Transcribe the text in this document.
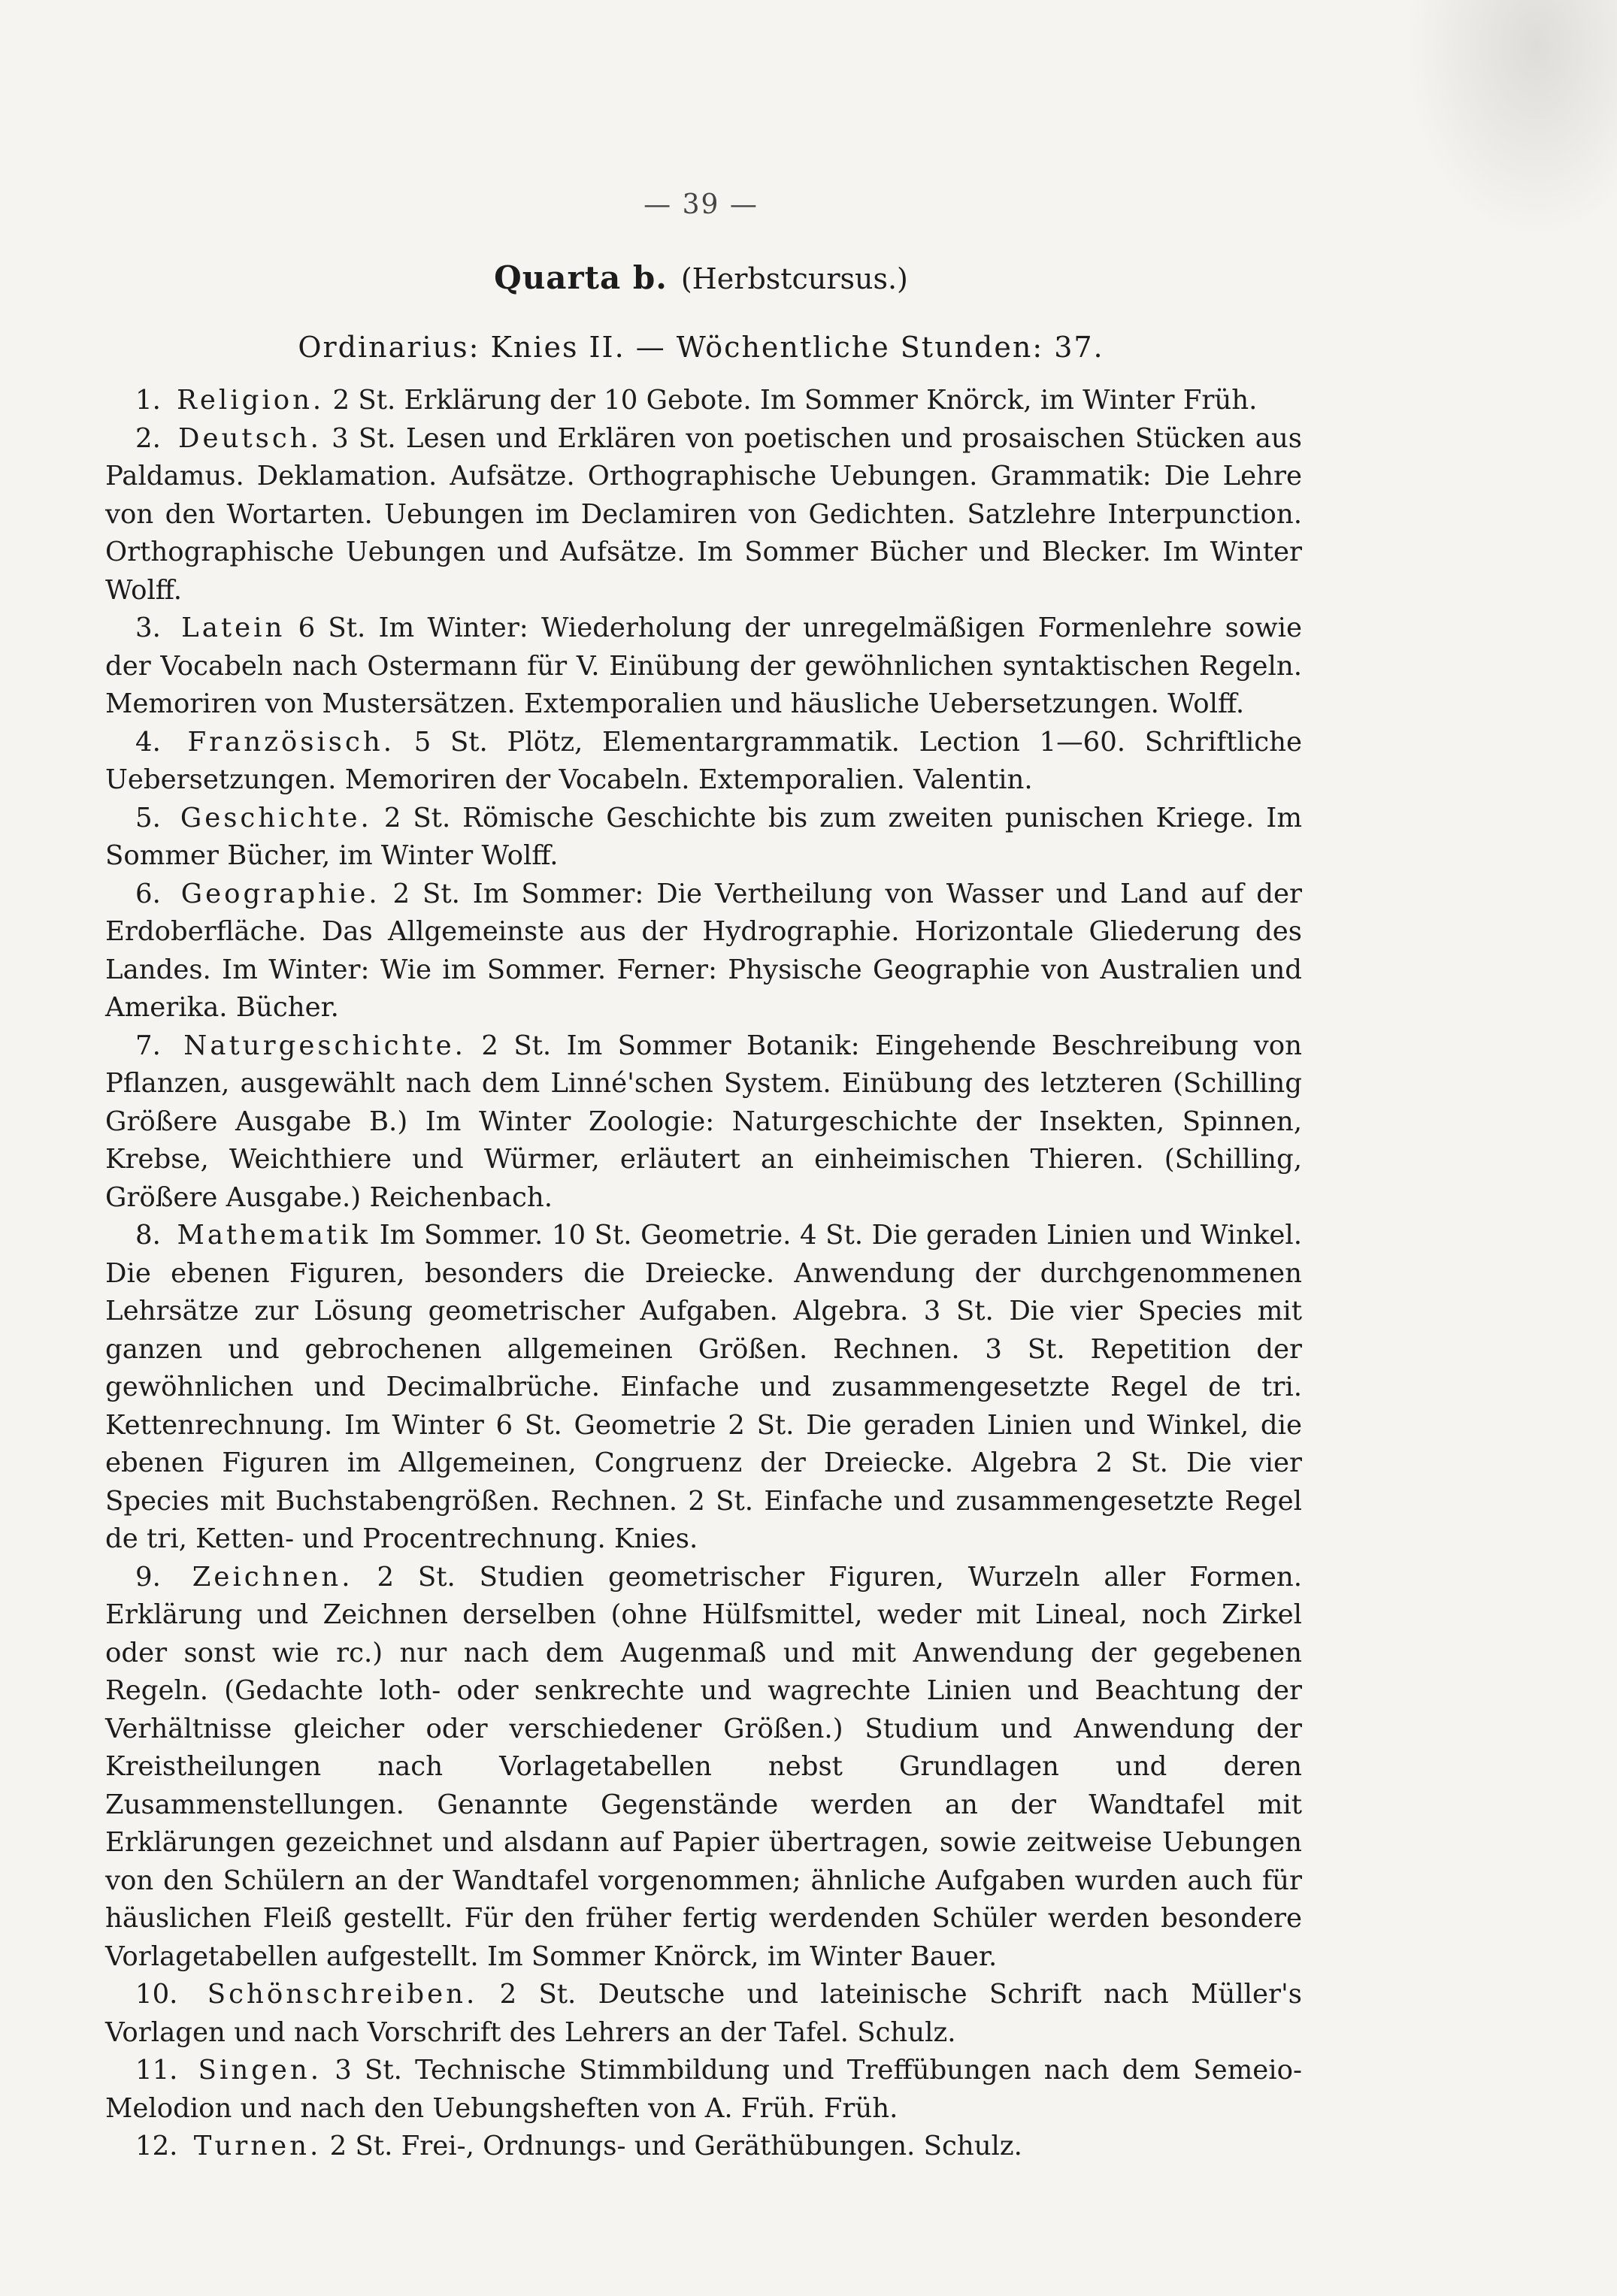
— 39 —
Quarta b. (Herbstcursus.)
Ordinarius: Knies II. — Wöchentliche Stunden: 37.

1. Religion. 2 St. Erklärung der 10 Gebote. Im Sommer Knörck, im Winter Früh.

2. Deutsch. 3 St. Lesen und Erklären von poetischen und prosaischen Stücken aus Paldamus. Deklamation. Aufsätze. Orthographische Uebungen. Grammatik: Die Lehre von den Wortarten. Uebungen im Declamiren von Gedichten. Satzlehre Interpunction. Orthographische Uebungen und Aufsätze. Im Sommer Bücher und Blecker. Im Winter Wolff.

3. Latein 6 St. Im Winter: Wiederholung der unregelmäßigen Formenlehre sowie der Vocabeln nach Ostermann für V. Einübung der gewöhnlichen syntaktischen Regeln. Memoriren von Mustersätzen. Extemporalien und häusliche Uebersetzungen. Wolff.

4. Französisch. 5 St. Plötz, Elementargrammatik. Lection 1—60. Schriftliche Uebersetzungen. Memoriren der Vocabeln. Extemporalien. Valentin.

5. Geschichte. 2 St. Römische Geschichte bis zum zweiten punischen Kriege. Im Sommer Bücher, im Winter Wolff.

6. Geographie. 2 St. Im Sommer: Die Vertheilung von Wasser und Land auf der Erdoberfläche. Das Allgemeinste aus der Hydrographie. Horizontale Gliederung des Landes. Im Winter: Wie im Sommer. Ferner: Physische Geographie von Australien und Amerika. Bücher.

7. Naturgeschichte. 2 St. Im Sommer Botanik: Eingehende Beschreibung von Pflanzen, ausgewählt nach dem Linné'schen System. Einübung des letzteren (Schilling Größere Ausgabe B.) Im Winter Zoologie: Naturgeschichte der Insekten, Spinnen, Krebse, Weichthiere und Würmer, erläutert an einheimischen Thieren. (Schilling, Größere Ausgabe.) Reichenbach.

8. Mathematik Im Sommer. 10 St. Geometrie. 4 St. Die geraden Linien und Winkel. Die ebenen Figuren, besonders die Dreiecke. Anwendung der durchgenommenen Lehrsätze zur Lösung geometrischer Aufgaben. Algebra. 3 St. Die vier Species mit ganzen und gebrochenen allgemeinen Größen. Rechnen. 3 St. Repetition der gewöhnlichen und Decimalbrüche. Einfache und zusammengesetzte Regel de tri. Kettenrechnung. Im Winter 6 St. Geometrie 2 St. Die geraden Linien und Winkel, die ebenen Figuren im Allgemeinen, Congruenz der Dreiecke. Algebra 2 St. Die vier Species mit Buchstabengrößen. Rechnen. 2 St. Einfache und zusammengesetzte Regel de tri, Ketten- und Procentrechnung. Knies.

9. Zeichnen. 2 St. Studien geometrischer Figuren, Wurzeln aller Formen. Erklärung und Zeichnen derselben (ohne Hülfsmittel, weder mit Lineal, noch Zirkel oder sonst wie rc.) nur nach dem Augenmaß und mit Anwendung der gegebenen Regeln. (Gedachte loth- oder senkrechte und wagrechte Linien und Beachtung der Verhältnisse gleicher oder verschiedener Größen.) Studium und Anwendung der Kreistheilungen nach Vorlagetabellen nebst Grundlagen und deren Zusammenstellungen. Genannte Gegenstände werden an der Wandtafel mit Erklärungen gezeichnet und alsdann auf Papier übertragen, sowie zeitweise Uebungen von den Schülern an der Wandtafel vorgenommen; ähnliche Aufgaben wurden auch für häuslichen Fleiß gestellt. Für den früher fertig werdenden Schüler werden besondere Vorlagetabellen aufgestellt. Im Sommer Knörck, im Winter Bauer.

10. Schönschreiben. 2 St. Deutsche und lateinische Schrift nach Müller's Vorlagen und nach Vorschrift des Lehrers an der Tafel. Schulz.

11. Singen. 3 St. Technische Stimmbildung und Treffübungen nach dem Semeio-Melodion und nach den Uebungsheften von A. Früh. Früh.

12. Turnen. 2 St. Frei-, Ordnungs- und Geräthübungen. Schulz.
